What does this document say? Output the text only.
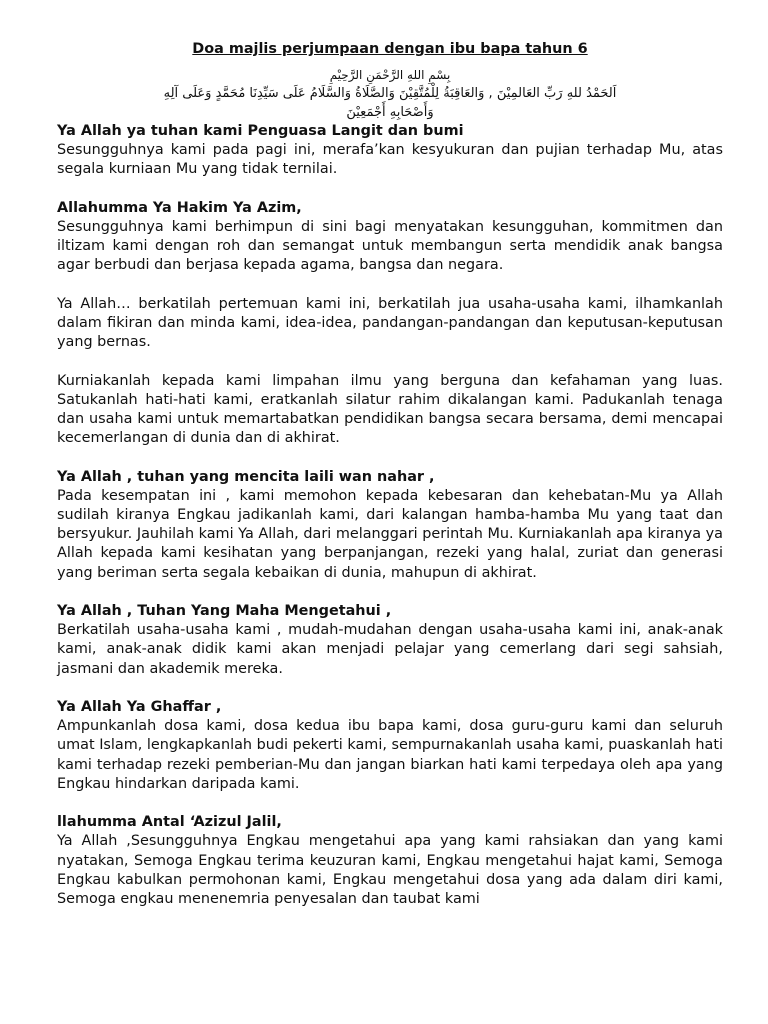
Doa majlis perjumpaan dengan ibu bapa tahun 6

بِسْمِ اللهِ الرَّحْمَنِ الرَّحِيْمِ

اَلحَمْدُ للهِ رَبِّ العَالمِيْنَ , وَالعَاقِبَةُ لِلْمُتَّقِيْنَ وَالصَّلَاةُ وَالسَّلَامُ عَلَى سَيِّدِنَا مُحَمَّدٍ وَعَلَى آلِهِ

وَأَصْحَابِهِ أَجْمَعِيْنَ

Ya Allah ya tuhan kami Penguasa Langit dan bumi

Sesungguhnya kami pada pagi ini, merafa’kan kesyukuran dan pujian terhadap Mu, atas segala kurniaan Mu yang tidak ternilai.

Allahumma Ya Hakim Ya Azim,

Sesungguhnya kami berhimpun di sini bagi menyatakan kesungguhan, kommitmen dan iltizam kami dengan roh dan semangat untuk membangun serta mendidik anak bangsa agar berbudi dan berjasa kepada agama, bangsa dan negara.

Ya Allah… berkatilah pertemuan kami ini, berkatilah jua usaha-usaha kami, ilhamkanlah dalam fikiran dan minda kami, idea-idea, pandangan-pandangan dan keputusan-keputusan yang bernas.

Kurniakanlah kepada kami limpahan ilmu yang berguna dan kefahaman yang luas. Satukanlah hati-hati kami, eratkanlah silatur rahim dikalangan kami. Padukanlah tenaga dan usaha kami untuk memartabatkan pendidikan bangsa secara bersama, demi mencapai kecemerlangan di dunia dan di akhirat.

Ya Allah , tuhan yang mencita laili wan nahar ,

Pada kesempatan ini , kami memohon kepada kebesaran dan kehebatan-Mu ya Allah sudilah kiranya Engkau jadikanlah kami, dari kalangan hamba-hamba Mu yang taat dan bersyukur. Jauhilah kami Ya Allah, dari melanggari perintah Mu. Kurniakanlah apa kiranya ya Allah kepada kami kesihatan yang berpanjangan, rezeki yang halal, zuriat dan generasi yang beriman serta segala kebaikan di dunia, mahupun di akhirat.

Ya Allah , Tuhan Yang Maha Mengetahui ,

Berkatilah usaha-usaha kami , mudah-mudahan dengan usaha-usaha kami ini, anak-anak kami, anak-anak didik kami akan menjadi pelajar yang cemerlang dari segi sahsiah, jasmani dan akademik mereka.

Ya Allah Ya Ghaffar ,

Ampunkanlah dosa kami, dosa kedua ibu bapa kami, dosa guru-guru kami dan seluruh umat Islam, lengkapkanlah budi pekerti kami, sempurnakanlah usaha kami, puaskanlah hati kami terhadap rezeki pemberian-Mu dan jangan biarkan hati kami terpedaya oleh apa yang Engkau hindarkan daripada kami.

llahumma Antal ‘Azizul Jalil,

Ya Allah ,Sesungguhnya Engkau mengetahui apa yang kami rahsiakan dan yang kami nyatakan, Semoga Engkau terima keuzuran kami, Engkau mengetahui hajat kami, Semoga Engkau kabulkan permohonan kami, Engkau mengetahui dosa yang ada dalam diri kami, Semoga engkau menenemria penyesalan dan taubat kami
